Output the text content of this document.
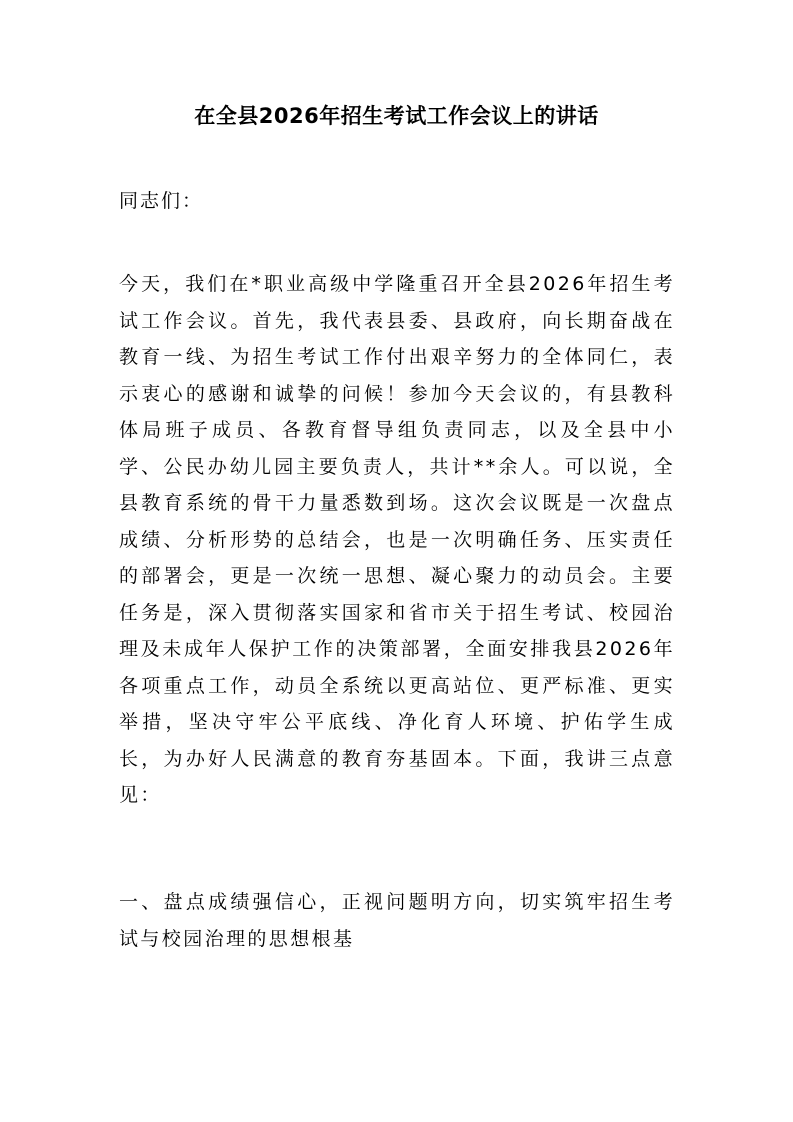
在全县2026年招生考试工作会议上的讲话
同志们：
今天，我们在*职业高级中学隆重召开全县2026年招生考试工作会议。首先，我代表县委、县政府，向长期奋战在教育一线、为招生考试工作付出艰辛努力的全体同仁，表示衷心的感谢和诚挚的问候！参加今天会议的，有县教科体局班子成员、各教育督导组负责同志，以及全县中小学、公民办幼儿园主要负责人，共计**余人。可以说，全县教育系统的骨干力量悉数到场。这次会议既是一次盘点成绩、分析形势的总结会，也是一次明确任务、压实责任的部署会，更是一次统一思想、凝心聚力的动员会。主要任务是，深入贯彻落实国家和省市关于招生考试、校园治理及未成年人保护工作的决策部署，全面安排我县2026年各项重点工作，动员全系统以更高站位、更严标准、更实举措，坚决守牢公平底线、净化育人环境、护佑学生成长，为办好人民满意的教育夯基固本。下面，我讲三点意见：
一、盘点成绩强信心，正视问题明方向，切实筑牢招生考试与校园治理的思想根基
